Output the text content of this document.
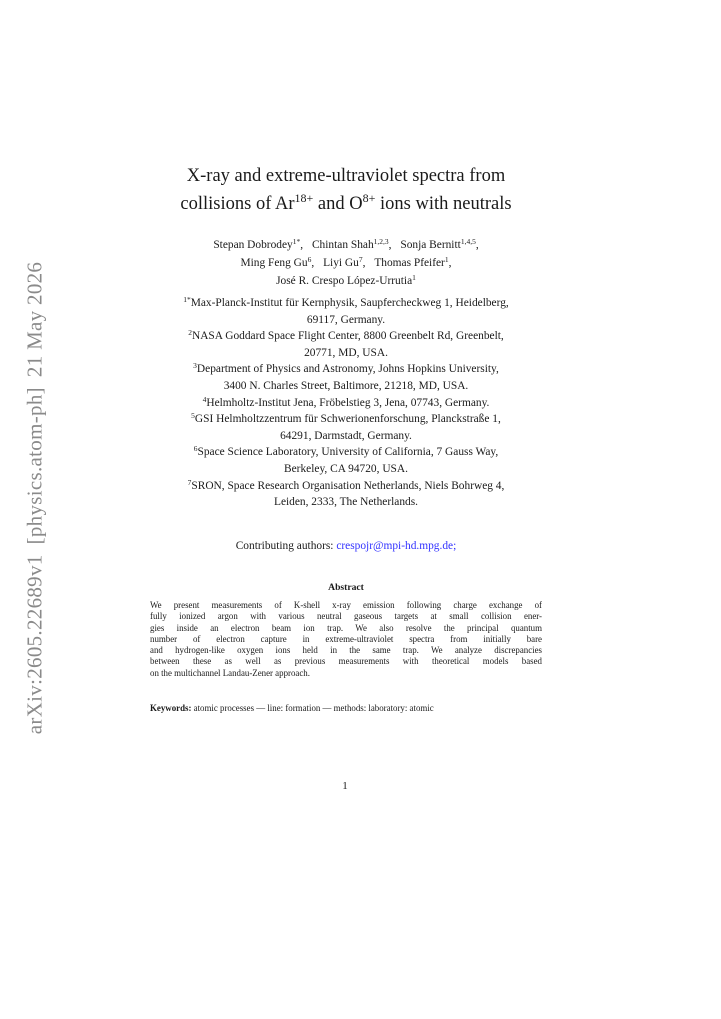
arXiv:2605.22689v1[physics.atom-ph]21 May 2026
X-ray and extreme-ultraviolet spectra from
collisions of $Ar^{18+}$ and $O^{8+}$ ions with neutrals
Stepan Dobrodey$^{1*}$, Chintan Shah$^{1,2,3}$, Sonja Bernitt$^{1,4,5}$,
Ming Feng Gu$^6$, Liyi Gu$^7$, Thomas Pfeifer$^1$,
José R. Crespo López-Urrutia$^1$
$^{1*}$Max-Planck-Institut für Kernphysik, Saupfercheckweg 1, Heidelberg,
69117, Germany.
$^2$NASA Goddard Space Flight Center, 8800 Greenbelt Rd, Greenbelt,
20771, MD, USA.
$^3$Department of Physics and Astronomy, Johns Hopkins University,
3400 N. Charles Street, Baltimore, 21218, MD, USA.
$^4$Helmholtz-Institut Jena, Fröbelstieg 3, Jena, 07743, Germany.
$^5$GSI Helmholtzzentrum für Schwerionenforschung, Planckstraße 1,
64291, Darmstadt, Germany.
$^6$Space Science Laboratory, University of California, 7 Gauss Way,
Berkeley, CA 94720, USA.
$^7$SRON, Space Research Organisation Netherlands, Niels Bohrweg 4,
Leiden, 2333, The Netherlands.
Contributing authors: crespojr@mpi-hd.mpg.de;
Abstract
We present measurements of K-shell x-ray emission following charge exchange of
fully ionized argon with various neutral gaseous targets at small collision ener-
gies inside an electron beam ion trap. We also resolve the principal quantum
number of electron capture in extreme-ultraviolet spectra from initially bare
and hydrogen-like oxygen ions held in the same trap. We analyze discrepancies
between these as well as previous measurements with theoretical models based
on the multichannel Landau-Zener approach.
Keywords: atomic processes — line: formation — methods: laboratory: atomic
1
